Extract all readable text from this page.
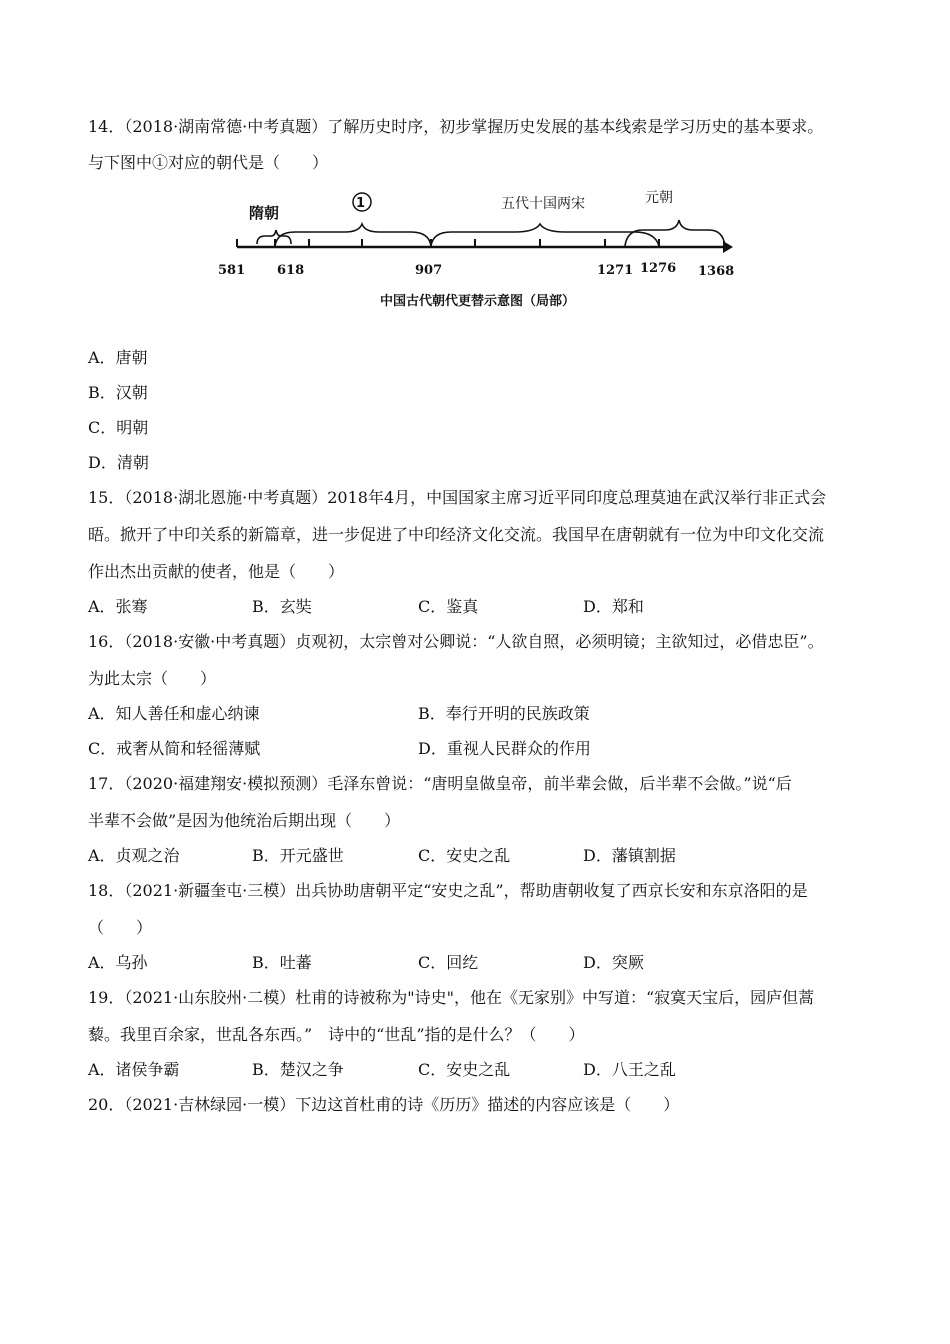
14．（2018·湖南常德·中考真题）了解历史时序，初步掌握历史发展的基本线索是学习历史的基本要求。
与下图中①对应的朝代是（　　）
隋朝
1	五代十国两宋	元朝
581 618	907	1271 1276 1368
中国古代朝代更替示意图（局部）
A．唐朝
B．汉朝
C．明朝
D．清朝
15．（2018·湖北恩施·中考真题）2018年4月，中国国家主席习近平同印度总理莫迪在武汉举行非正式会
晤。掀开了中印关系的新篇章，进一步促进了中印经济文化交流。我国早在唐朝就有一位为中印文化交流
作出杰出贡献的使者，他是（　　）
A．张骞	B．玄奘	C．鉴真	D．郑和
16．（2018·安徽·中考真题）贞观初，太宗曾对公卿说：“人欲自照，必须明镜；主欲知过，必借忠臣”。
为此太宗（　　）
A．知人善任和虚心纳谏	B．奉行开明的民族政策
C．戒奢从简和轻徭薄赋	D．重视人民群众的作用
17．（2020·福建翔安·模拟预测）毛泽东曾说：“唐明皇做皇帝，前半辈会做，后半辈不会做。”说“后
半辈不会做”是因为他统治后期出现（　　）
A．贞观之治	B．开元盛世	C．安史之乱	D．藩镇割据
18．（2021·新疆奎屯·三模）出兵协助唐朝平定“安史之乱”，帮助唐朝收复了西京长安和东京洛阳的是
（　　）
A．乌孙	B．吐蕃	C．回纥	D．突厥
19．（2021·山东胶州·二模）杜甫的诗被称为"诗史"，他在《无家别》中写道：“寂寞天宝后，园庐但蒿
藜。我里百余家，世乱各东西。”　诗中的“世乱”指的是什么？（　　）
A．诸侯争霸	B．楚汉之争	C．安史之乱	D．八王之乱
20．（2021·吉林绿园·一模）下边这首杜甫的诗《历历》描述的内容应该是（　　）
